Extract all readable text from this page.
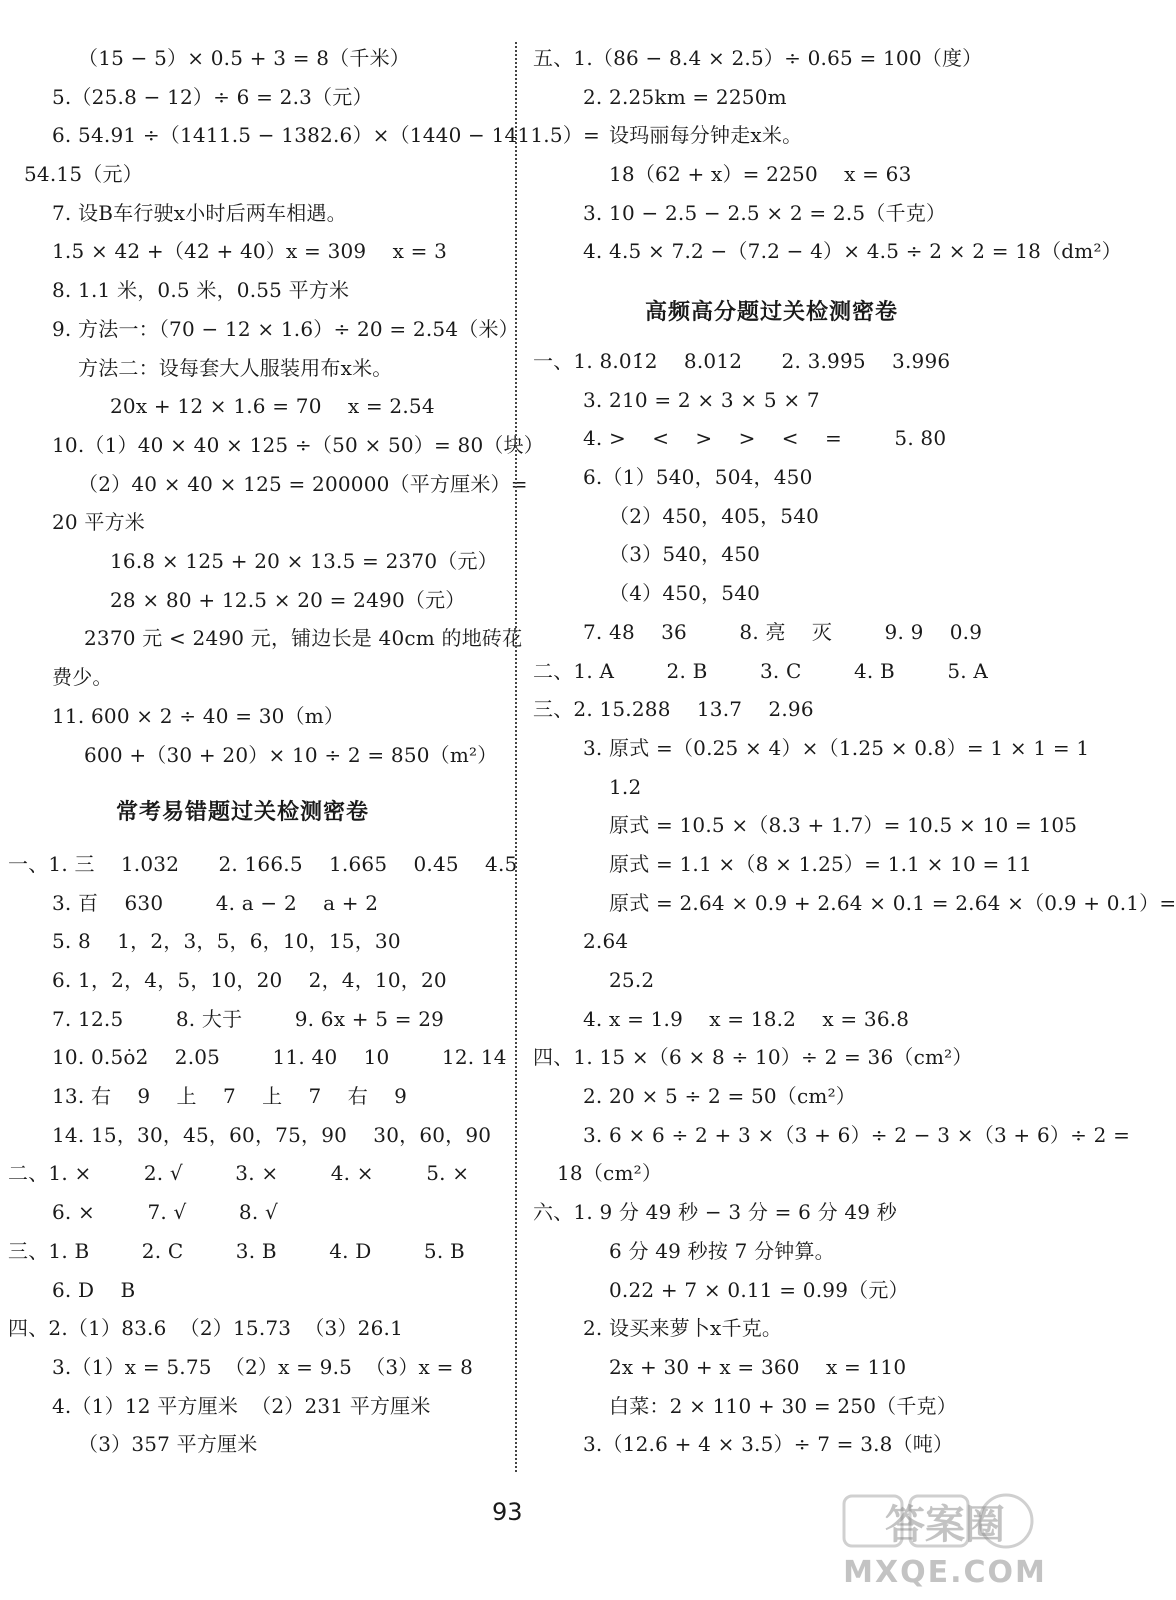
（15 − 5）× 0.5 + 3 = 8（千米）
5.（25.8 − 12）÷ 6 = 2.3（元）
6. 54.91 ÷（1411.5 − 1382.6）×（1440 − 1411.5）=
54.15（元）
7. 设B车行驶x小时后两车相遇。
1.5 × 42 +（42 + 40）x = 309    x = 3
8. 1.1 米，0.5 米，0.55 平方米
9. 方法一：（70 − 12 × 1.6）÷ 20 = 2.54（米）
方法二：设每套大人服装用布x米。
20x + 12 × 1.6 = 70    x = 2.54
10.（1）40 × 40 × 125 ÷（50 × 50）= 80（块）
（2）40 × 40 × 125 = 200000（平方厘米）=
20 平方米
16.8 × 125 + 20 × 13.5 = 2370（元）
28 × 80 + 12.5 × 20 = 2490（元）
2370 元 < 2490 元，铺边长是 40cm 的地砖花
费少。
11. 600 × 2 ÷ 40 = 30（m）
600 +（30 + 20）× 10 ÷ 2 = 850（m²）
一、1. 三    1.032      2. 166.5    1.665    0.45    4.5
3. 百    630        4. a − 2    a + 2
5. 8    1，2，3，5，6，10，15，30
6. 1，2，4，5，10，20    2，4，10，20
7. 12.5        8. 大于        9. 6x + 5 = 29
10. 0.5ȯ2̇    2.05        11. 40    10        12. 14
13. 右    9    上    7    上    7    右    9
14. 15，30，45，60，75，90    30，60，90
二、1. ×        2. √        3. ×        4. ×        5. ×
6. ×        7. √        8. √
三、1. B        2. C        3. B        4. D        5. B
6. D    B
四、2.（1）83.6  （2）15.73  （3）26.1
3.（1）x = 5.75  （2）x = 9.5  （3）x = 8
4.（1）12 平方厘米  （2）231 平方厘米
（3）357 平方厘米
常考易错题过关检测密卷
五、1.（86 − 8.4 × 2.5）÷ 0.65 = 100（度）
2. 2.25km = 2250m
设玛丽每分钟走x米。
18（62 + x）= 2250    x = 63
3. 10 − 2.5 − 2.5 × 2 = 2.5（千克）
4. 4.5 × 7.2 −（7.2 − 4）× 4.5 ÷ 2 × 2 = 18（dm²）
一、1. 8.01̇2    8.012      2. 3.9̇9̇5    3.996
3. 210 = 2 × 3 × 5 × 7
4. >    <    >    >    <    =        5. 80
6.（1）540，504，450
（2）450，405，540
（3）540，450
（4）450，540
7. 48    36        8. 亮    灭        9. 9    0.9
二、1. A        2. B        3. C        4. B        5. A
三、2. 15.288    13.7    2.96
3. 原式 =（0.25 × 4）×（1.25 × 0.8）= 1 × 1 = 1
1.2
原式 = 10.5 ×（8.3 + 1.7）= 10.5 × 10 = 105
原式 = 1.1 ×（8 × 1.25）= 1.1 × 10 = 11
原式 = 2.64 × 0.9 + 2.64 × 0.1 = 2.64 ×（0.9 + 0.1）=
2.64
25.2
4. x = 1.9    x = 18.2    x = 36.8
四、1. 15 ×（6 × 8 ÷ 10）÷ 2 = 36（cm²）
2. 20 × 5 ÷ 2 = 50（cm²）
3. 6 × 6 ÷ 2 + 3 ×（3 + 6）÷ 2 − 3 ×（3 + 6）÷ 2 =
18（cm²）
六、1. 9 分 49 秒 − 3 分 = 6 分 49 秒
6 分 49 秒按 7 分钟算。
0.22 + 7 × 0.11 = 0.99（元）
2. 设买来萝卜x千克。
2x + 30 + x = 360    x = 110
白菜：2 × 110 + 30 = 250（千克）
3.（12.6 + 4 × 3.5）÷ 7 = 3.8（吨）
高频高分题过关检测密卷
93	答案圈
MXQE.COM
